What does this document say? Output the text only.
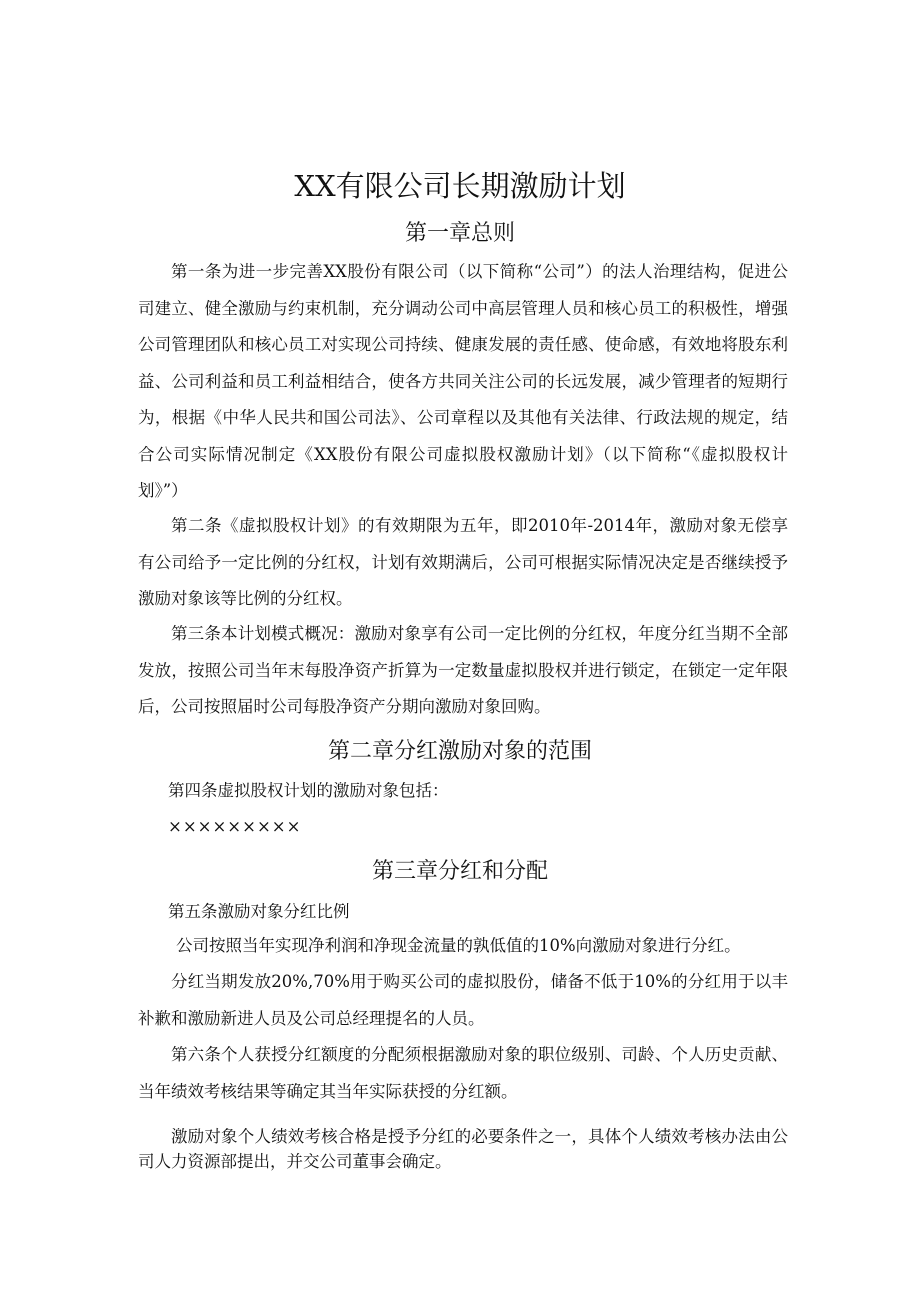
XX有限公司长期激励计划
第一章总则

第一条为进一步完善XX股份有限公司（以下简称“公司”）的法人治理结构，促进公司建立、健全激励与约束机制，充分调动公司中高层管理人员和核心员工的积极性，增强公司管理团队和核心员工对实现公司持续、健康发展的责任感、使命感，有效地将股东利益、公司利益和员工利益相结合，使各方共同关注公司的长远发展，减少管理者的短期行为，根据《中华人民共和国公司法》、公司章程以及其他有关法律、行政法规的规定，结合公司实际情况制定《XX股份有限公司虚拟股权激励计划》（以下简称“《虚拟股权计划》”）

第二条《虚拟股权计划》的有效期限为五年，即2010年-2014年，激励对象无偿享有公司给予一定比例的分红权，计划有效期满后，公司可根据实际情况决定是否继续授予激励对象该等比例的分红权。

第三条本计划模式概况：激励对象享有公司一定比例的分红权，年度分红当期不全部发放，按照公司当年末每股净资产折算为一定数量虚拟股权并进行锁定，在锁定一定年限后，公司按照届时公司每股净资产分期向激励对象回购。

第二章分红激励对象的范围
第四条虚拟股权计划的激励对象包括：
×××××××××
第三章分红和分配
第五条激励对象分红比例
公司按照当年实现净利润和净现金流量的孰低值的10%向激励对象进行分红。

分红当期发放20%,70%用于购买公司的虚拟股份，储备不低于10%的分红用于以丰补歉和激励新进人员及公司总经理提名的人员。

第六条个人获授分红额度的分配须根据激励对象的职位级别、司龄、个人历史贡献、当年绩效考核结果等确定其当年实际获授的分红额。

激励对象个人绩效考核合格是授予分红的必要条件之一，具体个人绩效考核办法由公司人力资源部提出，并交公司董事会确定。
